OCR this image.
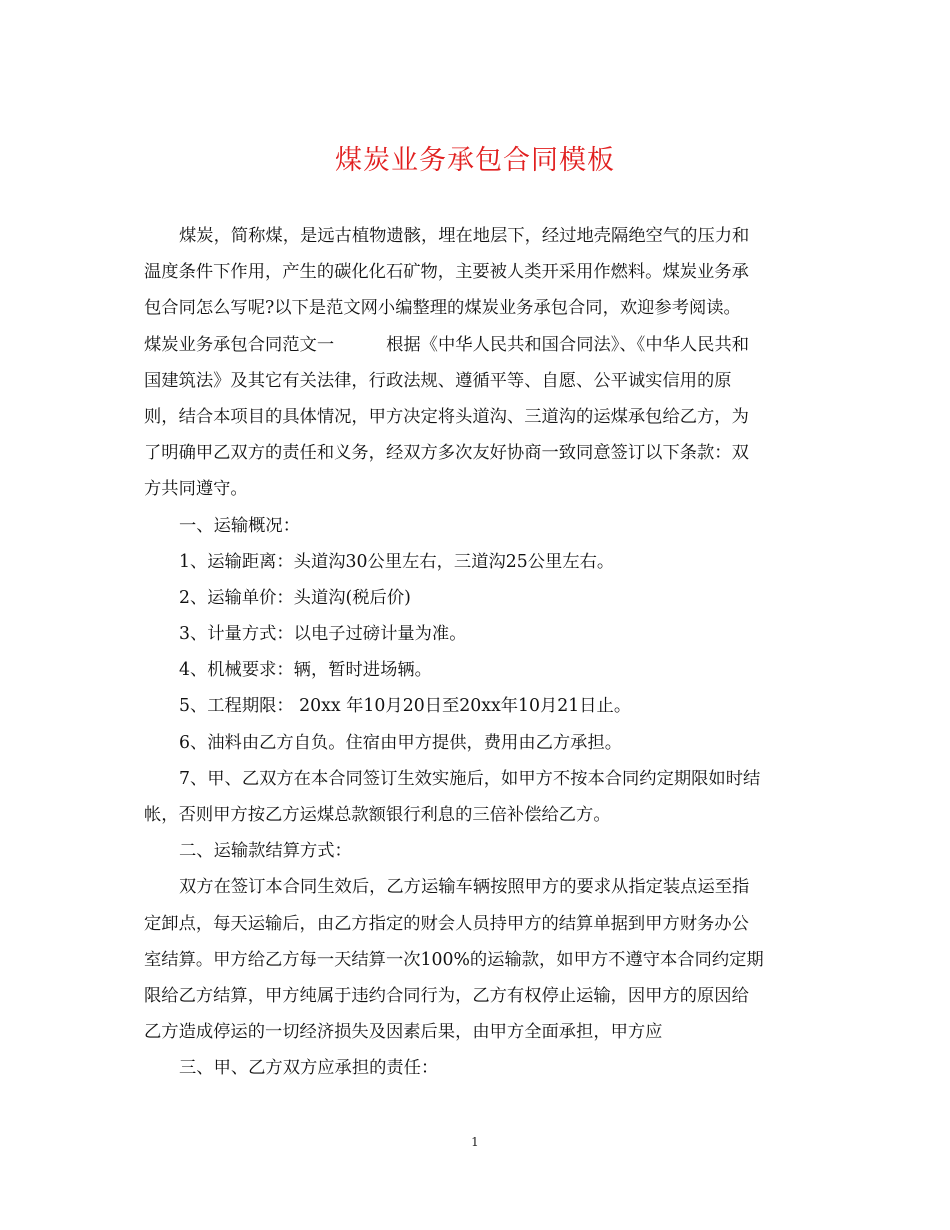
煤炭业务承包合同模板
煤炭，简称煤，是远古植物遗骸，埋在地层下，经过地壳隔绝空气的压力和
温度条件下作用，产生的碳化化石矿物，主要被人类开采用作燃料。煤炭业务承
包合同怎么写呢?以下是范文网小编整理的煤炭业务承包合同，欢迎参考阅读。
煤炭业务承包合同范文一	根据《中华人民共和国合同法》、《中华人民共和
国建筑法》及其它有关法律，行政法规、遵循平等、自愿、公平诚实信用的原
则，结合本项目的具体情况，甲方决定将头道沟、三道沟的运煤承包给乙方，为
了明确甲乙双方的责任和义务，经双方多次友好协商一致同意签订以下条款：双
方共同遵守。
一、运输概况：
1、运输距离：头道沟30公里左右，三道沟25公里左右。
2、运输单价：头道沟(税后价)
3、计量方式：以电子过磅计量为准。
4、机械要求：辆，暂时进场辆。
5、工程期限： 20xx 年10月20日至20xx年10月21日止。
6、油料由乙方自负。住宿由甲方提供，费用由乙方承担。
7、甲、乙双方在本合同签订生效实施后，如甲方不按本合同约定期限如时结
帐，否则甲方按乙方运煤总款额银行利息的三倍补偿给乙方。
二、运输款结算方式：
双方在签订本合同生效后，乙方运输车辆按照甲方的要求从指定装点运至指
定卸点，每天运输后，由乙方指定的财会人员持甲方的结算单据到甲方财务办公
室结算。甲方给乙方每一天结算一次100%的运输款，如甲方不遵守本合同约定期
限给乙方结算，甲方纯属于违约合同行为，乙方有权停止运输，因甲方的原因给
乙方造成停运的一切经济损失及因素后果，由甲方全面承担，甲方应
三、甲、乙方双方应承担的责任：
1
